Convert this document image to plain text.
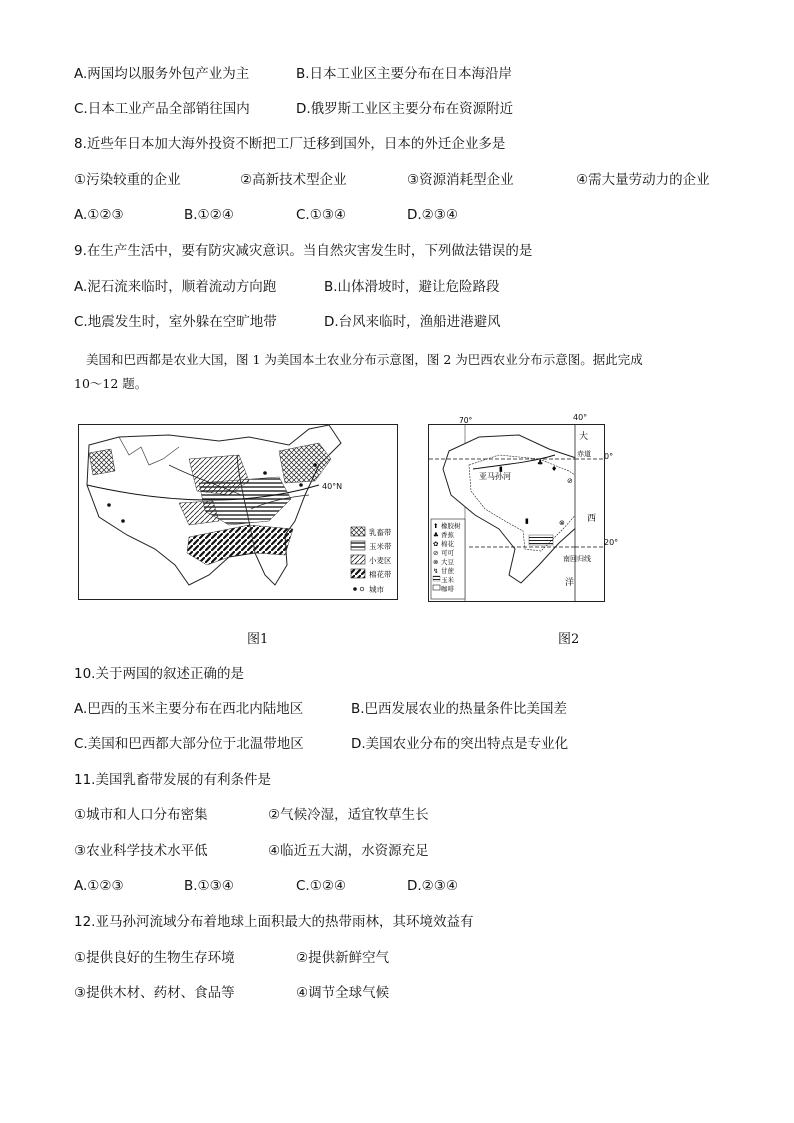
A.两国均以服务外包产业为主	B.日本工业区主要分布在日本海沿岸
C.日本工业产品全部销往国内	D.俄罗斯工业区主要分布在资源附近
8.近些年日本加大海外投资不断把工厂迁移到国外，日本的外迁企业多是
①污染较重的企业	②高新技术型企业	③资源消耗型企业	④需大量劳动力的企业
A.①②③	B.①②④	C.①③④	D.②③④
9.在生产生活中，要有防灾减灾意识。当自然灾害发生时，下列做法错误的是
A.泥石流来临时，顺着流动方向跑	B.山体滑坡时，避让危险路段
C.地震发生时，室外躲在空旷地带	D.台风来临时，渔船进港避风
美国和巴西都是农业大国，图 1 为美国本土农业分布示意图，图 2 为巴西农业分布示意图。据此完成
10～12 题。
40°N
乳畜带
玉米带
小麦区
棉花带
城市
图1
♣
▮	♦
⊘
▮	⊗
70°
亚马孙河
大
赤道
西
南回归线
洋
⬆ 橡胶树
♣ 香蕉
✿ 棉花
⊘ 可可
⊗ 大豆
↯ 甘蔗
玉米
咖啡
40°
0°
20°
图2
10.关于两国的叙述正确的是
A.巴西的玉米主要分布在西北内陆地区	B.巴西发展农业的热量条件比美国差
C.美国和巴西都大部分位于北温带地区	D.美国农业分布的突出特点是专业化
11.美国乳畜带发展的有利条件是
①城市和人口分布密集	②气候冷湿，适宜牧草生长
③农业科学技术水平低	④临近五大湖，水资源充足
A.①②③	B.①③④	C.①②④	D.②③④
12.亚马孙河流域分布着地球上面积最大的热带雨林，其环境效益有
①提供良好的生物生存环境	②提供新鲜空气
③提供木材、药材、食品等	④调节全球气候
